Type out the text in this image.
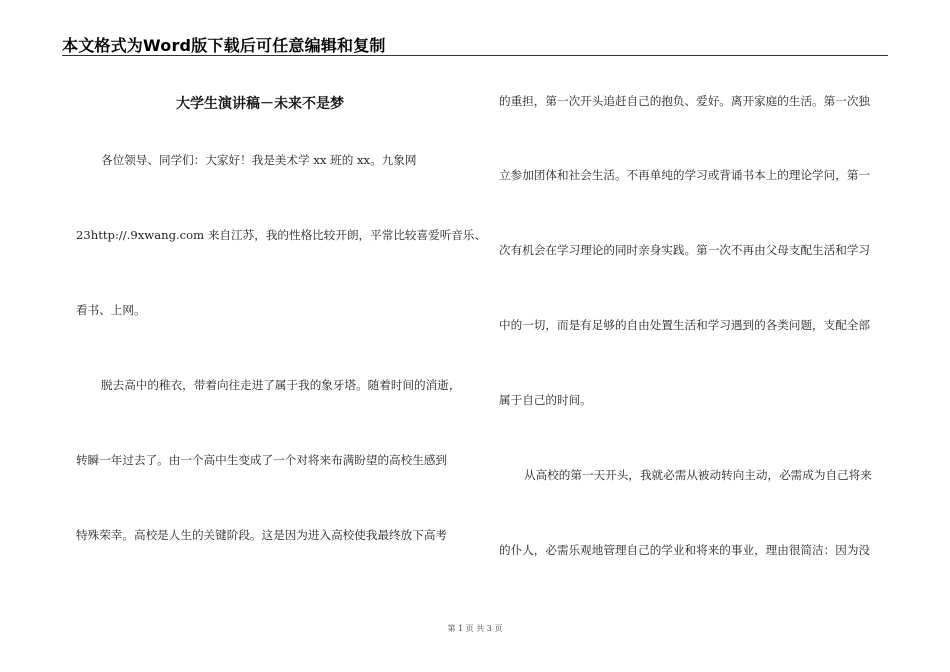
本文格式为Word版下载后可任意编辑和复制
大学生演讲稿－未来不是梦
各位领导、同学们：大家好！我是美术学 xx 班的 xx。九象网
23http://.9xwang.com 来自江苏，我的性格比较开朗，平常比较喜爱听音乐、
看书、上网。
脱去高中的稚衣，带着向往走进了属于我的象牙塔。随着时间的消逝，
转瞬一年过去了。由一个高中生变成了一个对将来布满盼望的高校生感到
特殊荣幸。高校是人生的关键阶段。这是因为进入高校使我最终放下高考
的重担，第一次开头追赶自己的抱负、爱好。离开家庭的生活。第一次独
立参加团体和社会生活。不再单纯的学习或背诵书本上的理论学问，第一
次有机会在学习理论的同时亲身实践。第一次不再由父母支配生活和学习
中的一切，而是有足够的自由处置生活和学习遇到的各类问题，支配全部
属于自己的时间。
从高校的第一天开头，我就必需从被动转向主动，必需成为自己将来
的仆人，必需乐观地管理自己的学业和将来的事业，理由很简洁：因为没
第 1 页 共 3 页
